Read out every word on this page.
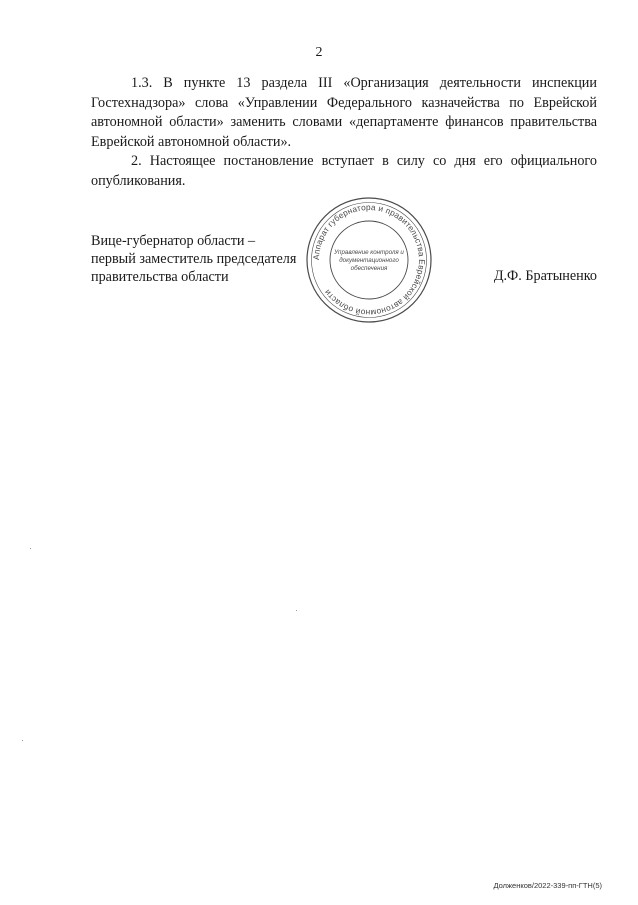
2

1.3. В пункте 13 раздела III «Организация деятельности инспекции Гостехнадзора» слова «Управлении Федерального казначейства по Еврейской автономной области» заменить словами «департаменте финансов правительства Еврейской автономной области».

2. Настоящее постановление вступает в силу со дня его официального опубликования.

Вице-губернатор области –
первый заместитель председателя
правительства области	Д.Ф. Братыненко
Аппарат губернатора и правительства Еврейской автономной области
Управление контроля и
документационного
обеспечения
Долженков/2022-339-пп-ГТН(5)
